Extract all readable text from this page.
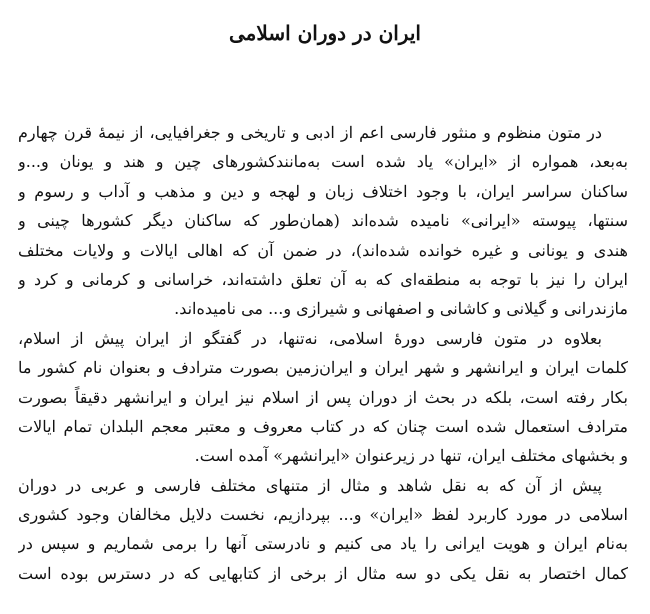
ایران در دوران اسلامی
در متون منظوم و منثور فارسی اعم از ادبی و تاریخی و جغرافیایی، از نیمهٔ قرن چهارم
به‌بعد، همواره از «ایران» یاد شده است به‌مانندکشورهای چین و هند و یونان و...و
ساکنان سراسر ایران، با وجود اختلاف زبان و لهجه و دین و مذهب و آداب و رسوم و
سنتها، پیوسته «ایرانی» نامیده شده‌اند (همان‌طور که ساکنان دیگر کشورها چینی و
هندی و یونانی و غیره خوانده شده‌اند)، در ضمن آن که اهالی ایالات و ولایات مختلف
ایران را نیز با توجه به منطقه‌ای که به آن تعلق داشته‌اند، خراسانی و کرمانی و کرد و
مازندرانی و گیلانی و کاشانی و اصفهانی و شیرازی و... می نامیده‌اند.
بعلاوه در متون فارسی دورهٔ اسلامی، نه‌تنها، در گفتگو از ایران پیش از اسلام،
کلمات ایران و ایرانشهر و شهر ایران و ایران‌زمین بصورت مترادف و بعنوان نام کشور ما
بکار رفته است، بلکه در بحث از دوران پس از اسلام نیز ایران و ایرانشهر دقیقاً بصورت
مترادف استعمال شده است چنان که در کتاب معروف و معتبر معجم البلدان تمام ایالات
و بخشهای مختلف ایران، تنها در زیرعنوان «ایرانشهر» آمده است.
پیش از آن که به نقل شاهد و مثال از متنهای مختلف فارسی و عربی در دوران
اسلامی در مورد کاربرد لفظ «ایران» و... بپردازیم، نخست دلایل مخالفان وجود کشوری
به‌نام ایران و هویت ایرانی را یاد می کنیم و نادرستی آنها را برمی شماریم و سپس در
کمال اختصار به نقل یکی دو سه مثال از برخی از کتابهایی که در دسترس بوده است
